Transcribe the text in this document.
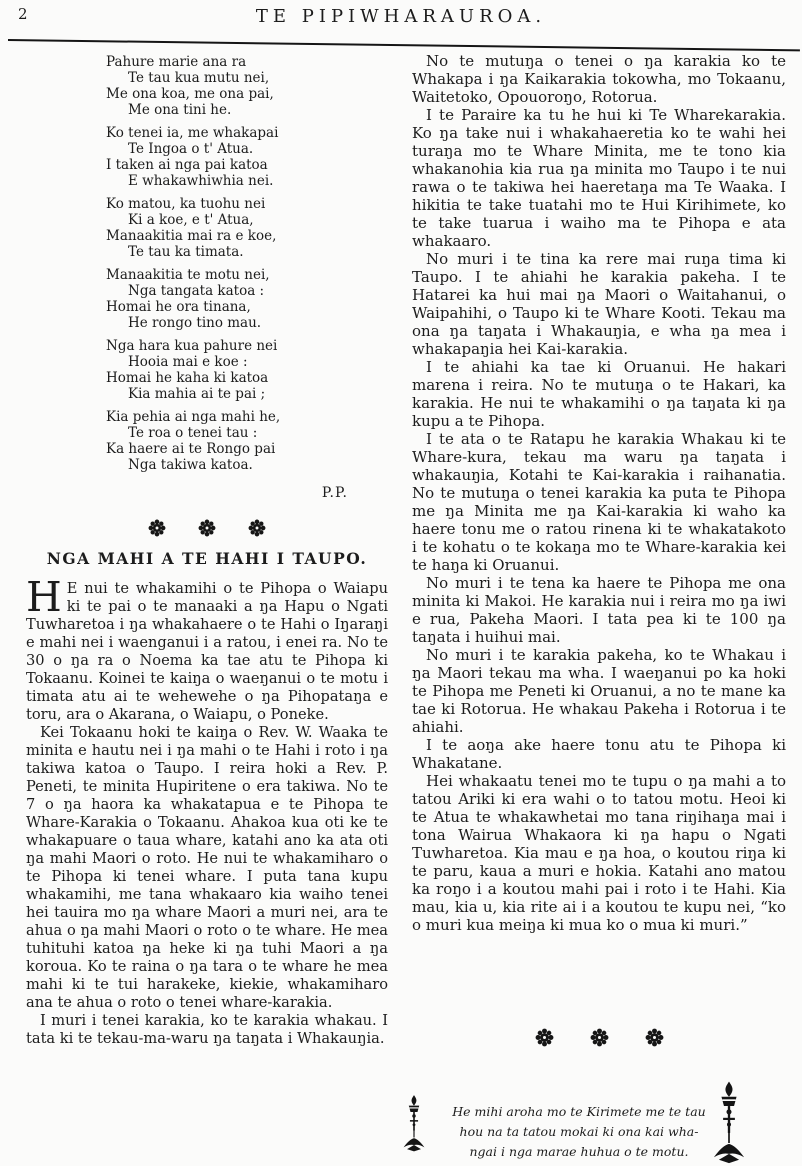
2	TE PIPIWHARAUROA.
Pahure marie ana ra
Te tau kua mutu nei,
Me ona koa, me ona pai,
Me ona tini he.
Ko tenei ia, me whakapai
Te Ingoa o t' Atua.
I taken ai nga pai katoa
E whakawhiwhia nei.
Ko matou, ka tuohu nei
Ki a koe, e t' Atua,
Manaakitia mai ra e koe,
Te tau ka timata.
Manaakitia te motu nei,
Nga tangata katoa :
Homai he ora tinana,
He rongo tino mau.
Nga hara kua pahure nei
Hooia mai e koe :
Homai he kaha ki katoa
Kia mahia ai te pai ;
Kia pehia ai nga mahi he,
Te roa o tenei tau :
Ka haere ai te Rongo pai
Nga takiwa katoa.
P.P.
NGA MAHI A TE HAHI I TAUPO.

H E nui te whakamihi o te Pihopa o Waiapu ki te pai o te manaaki a ŋa Hapu o Ngati Tuwharetoa i ŋa whakahaere o te Hahi o Iŋaraŋi e mahi nei i waenganui i a ratou, i enei ra. No te 30 o ŋa ra o Noema ka tae atu te Pihopa ki Tokaanu. Koinei te kaiŋa o waeŋanui o te motu i timata atu ai te wehewehe o ŋa Pihopataŋa e toru, ara o Akarana, o Waiapu, o Poneke.

Kei Tokaanu hoki te kaiŋa o Rev. W. Waaka te minita e hautu nei i ŋa mahi o te Hahi i roto i ŋa takiwa katoa o Taupo. I reira hoki a Rev. P. Peneti, te minita Hupiritene o era takiwa. No te 7 o ŋa haora ka whakatapua e te Pihopa te Whare-Karakia o Tokaanu. Ahakoa kua oti ke te whakapuare o taua whare, katahi ano ka ata oti ŋa mahi Maori o roto. He nui te whakamiharo o te Pihopa ki tenei whare. I puta tana kupu whakamihi, me tana whakaaro kia waiho tenei hei tauira mo ŋa whare Maori a muri nei, ara te ahua o ŋa mahi Maori o roto o te whare. He mea tuhituhi katoa ŋa heke ki ŋa tuhi Maori a ŋa koroua. Ko te raina o ŋa tara o te whare he mea mahi ki te tui harakeke, kiekie, whakamiharo ana te ahua o roto o tenei whare-karakia.

I muri i tenei karakia, ko te karakia whakau. I tata ki te tekau-ma-waru ŋa taŋata i Whakauŋia.

No te mutuŋa o tenei o ŋa karakia ko te Whakapa i ŋa Kaikarakia tokowha, mo Tokaanu, Waitetoko, Opouoroŋo, Rotorua.

I te Paraire ka tu he hui ki Te Wharekarakia. Ko ŋa take nui i whakahaeretia ko te wahi hei turaŋa mo te Whare Minita, me te tono kia whakanohia kia rua ŋa minita mo Taupo i te nui rawa o te takiwa hei haeretaŋa ma Te Waaka. I hikitia te take tuatahi mo te Hui Kirihimete, ko te take tuarua i waiho ma te Pihopa e ata whakaaro.

No muri i te tina ka rere mai ruŋa tima ki Taupo. I te ahiahi he karakia pakeha. I te Hatarei ka hui mai ŋa Maori o Waitahanui, o Waipahihi, o Taupo ki te Whare Kooti. Tekau ma ona ŋa taŋata i Whakauŋia, e wha ŋa mea i whakapaŋia hei Kai-karakia.

I te ahiahi ka tae ki Oruanui. He hakari marena i reira. No te mutuŋa o te Hakari, ka karakia. He nui te whakamihi o ŋa taŋata ki ŋa kupu a te Pihopa.

I te ata o te Ratapu he karakia Whakau ki te Whare-kura, tekau ma waru ŋa taŋata i whakauŋia, Kotahi te Kai-karakia i raihanatia. No te mutuŋa o tenei karakia ka puta te Pihopa me ŋa Minita me ŋa Kai-karakia ki waho ka haere tonu me o ratou rinena ki te whakatakoto i te kohatu o te kokaŋa mo te Whare-karakia kei te haŋa ki Oruanui.

No muri i te tena ka haere te Pihopa me ona minita ki Makoi. He karakia nui i reira mo ŋa iwi e rua, Pakeha Maori. I tata pea ki te 100 ŋa taŋata i huihui mai.

No muri i te karakia pakeha, ko te Whakau i ŋa Maori tekau ma wha. I waeŋanui po ka hoki te Pihopa me Peneti ki Oruanui, a no te mane ka tae ki Rotorua. He whakau Pakeha i Rotorua i te ahiahi.

I te aoŋa ake haere tonu atu te Pihopa ki Whakatane.

Hei whakaatu tenei mo te tupu o ŋa mahi a to tatou Ariki ki era wahi o to tatou motu. Heoi ki te Atua te whakawhetai mo tana riŋihaŋa mai i tona Wairua Whakaora ki ŋa hapu o Ngati Tuwharetoa. Kia mau e ŋa hoa, o koutou riŋa ki te paru, kaua a muri e hokia. Katahi ano matou ka roŋo i a koutou mahi pai i roto i te Hahi. Kia mau, kia u, kia rite ai i a koutou te kupu nei, “ko o muri kua meiŋa ki mua ko o mua ki muri.”

He mihi aroha mo te Kirimete me te tau
hou na ta tatou mokai ki ona kai wha-
ngai i nga marae huhua o te motu.
